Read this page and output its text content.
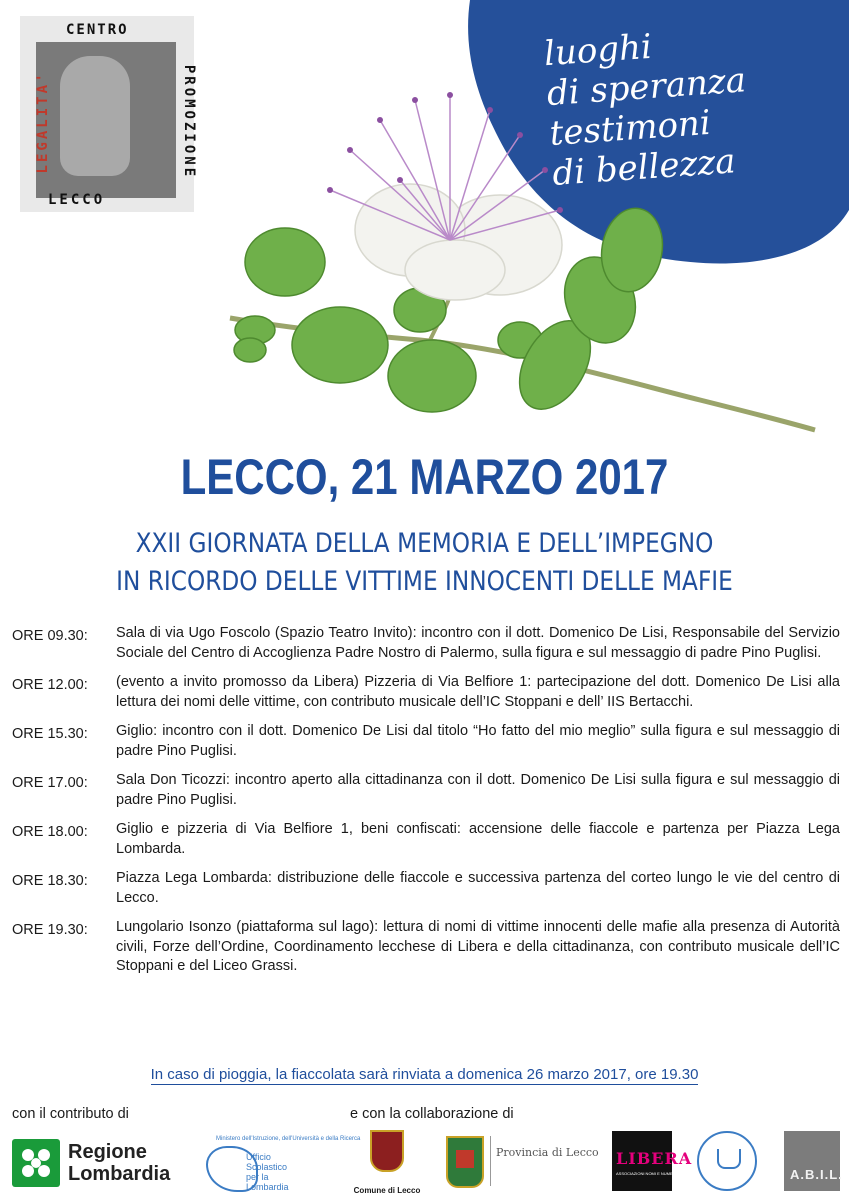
luoghi
di speranza
testimoni
di bellezza
CENTRO
LEGALITA'	PROMOZIONE
LECCO
LECCO, 21 MARZO 2017
XXII GIORNATA DELLA MEMORIA E DELL’IMPEGNO
IN RICORDO DELLE VITTIME INNOCENTI DELLE MAFIE
ORE 09.30:	Sala di via Ugo Foscolo (Spazio Teatro Invito): incontro con il dott. Domenico De Lisi, Responsabile del Servizio Sociale del Centro di Accoglienza Padre Nostro di Palermo, sulla figura e sul messaggio di padre Pino Puglisi.
ORE 12.00:	(evento a invito promosso da Libera) Pizzeria di Via Belfiore 1: partecipazione del dott. Domenico De Lisi alla lettura dei nomi delle vittime, con contributo musicale dell’IC Stoppani e dell’ IIS Bertacchi.
ORE 15.30:	Giglio: incontro con il dott. Domenico De Lisi dal titolo “Ho fatto del mio meglio” sulla figura e sul messaggio di padre Pino Puglisi.
ORE 17.00:	Sala Don Ticozzi: incontro aperto alla cittadinanza con il dott. Domenico De Lisi sulla figura e sul messaggio di padre Pino Puglisi.
ORE 18.00:	Giglio e pizzeria di Via Belfiore 1, beni confiscati: accensione delle fiaccole e partenza per Piazza Lega Lombarda.
ORE 18.30:	Piazza Lega Lombarda: distribuzione delle fiaccole e successiva partenza del corteo lungo le vie del centro di Lecco.
ORE 19.30:	Lungolario Isonzo (piattaforma sul lago): lettura di nomi di vittime innocenti delle mafie alla presenza di Autorità civili, Forze dell’Ordine, Coordinamento lecchese di Libera e della cittadinanza, con contributo musicale dell’IC Stoppani e del Liceo Grassi.
In caso di pioggia, la fiaccolata sarà rinviata a domenica 26 marzo 2017, ore 19.30
con il contributo di	e con la collaborazione di
Regione
Lombardia
Ministero dell'Istruzione, dell'Università e della Ricerca
Ufficio
Scolastico
per la
Lombardia	Comune di Lecco
Provincia di Lecco LIBERA
ASSOCIAZIONI NOMI E NUMERI CONTRO LE MAFIE	A.B.I.L.
